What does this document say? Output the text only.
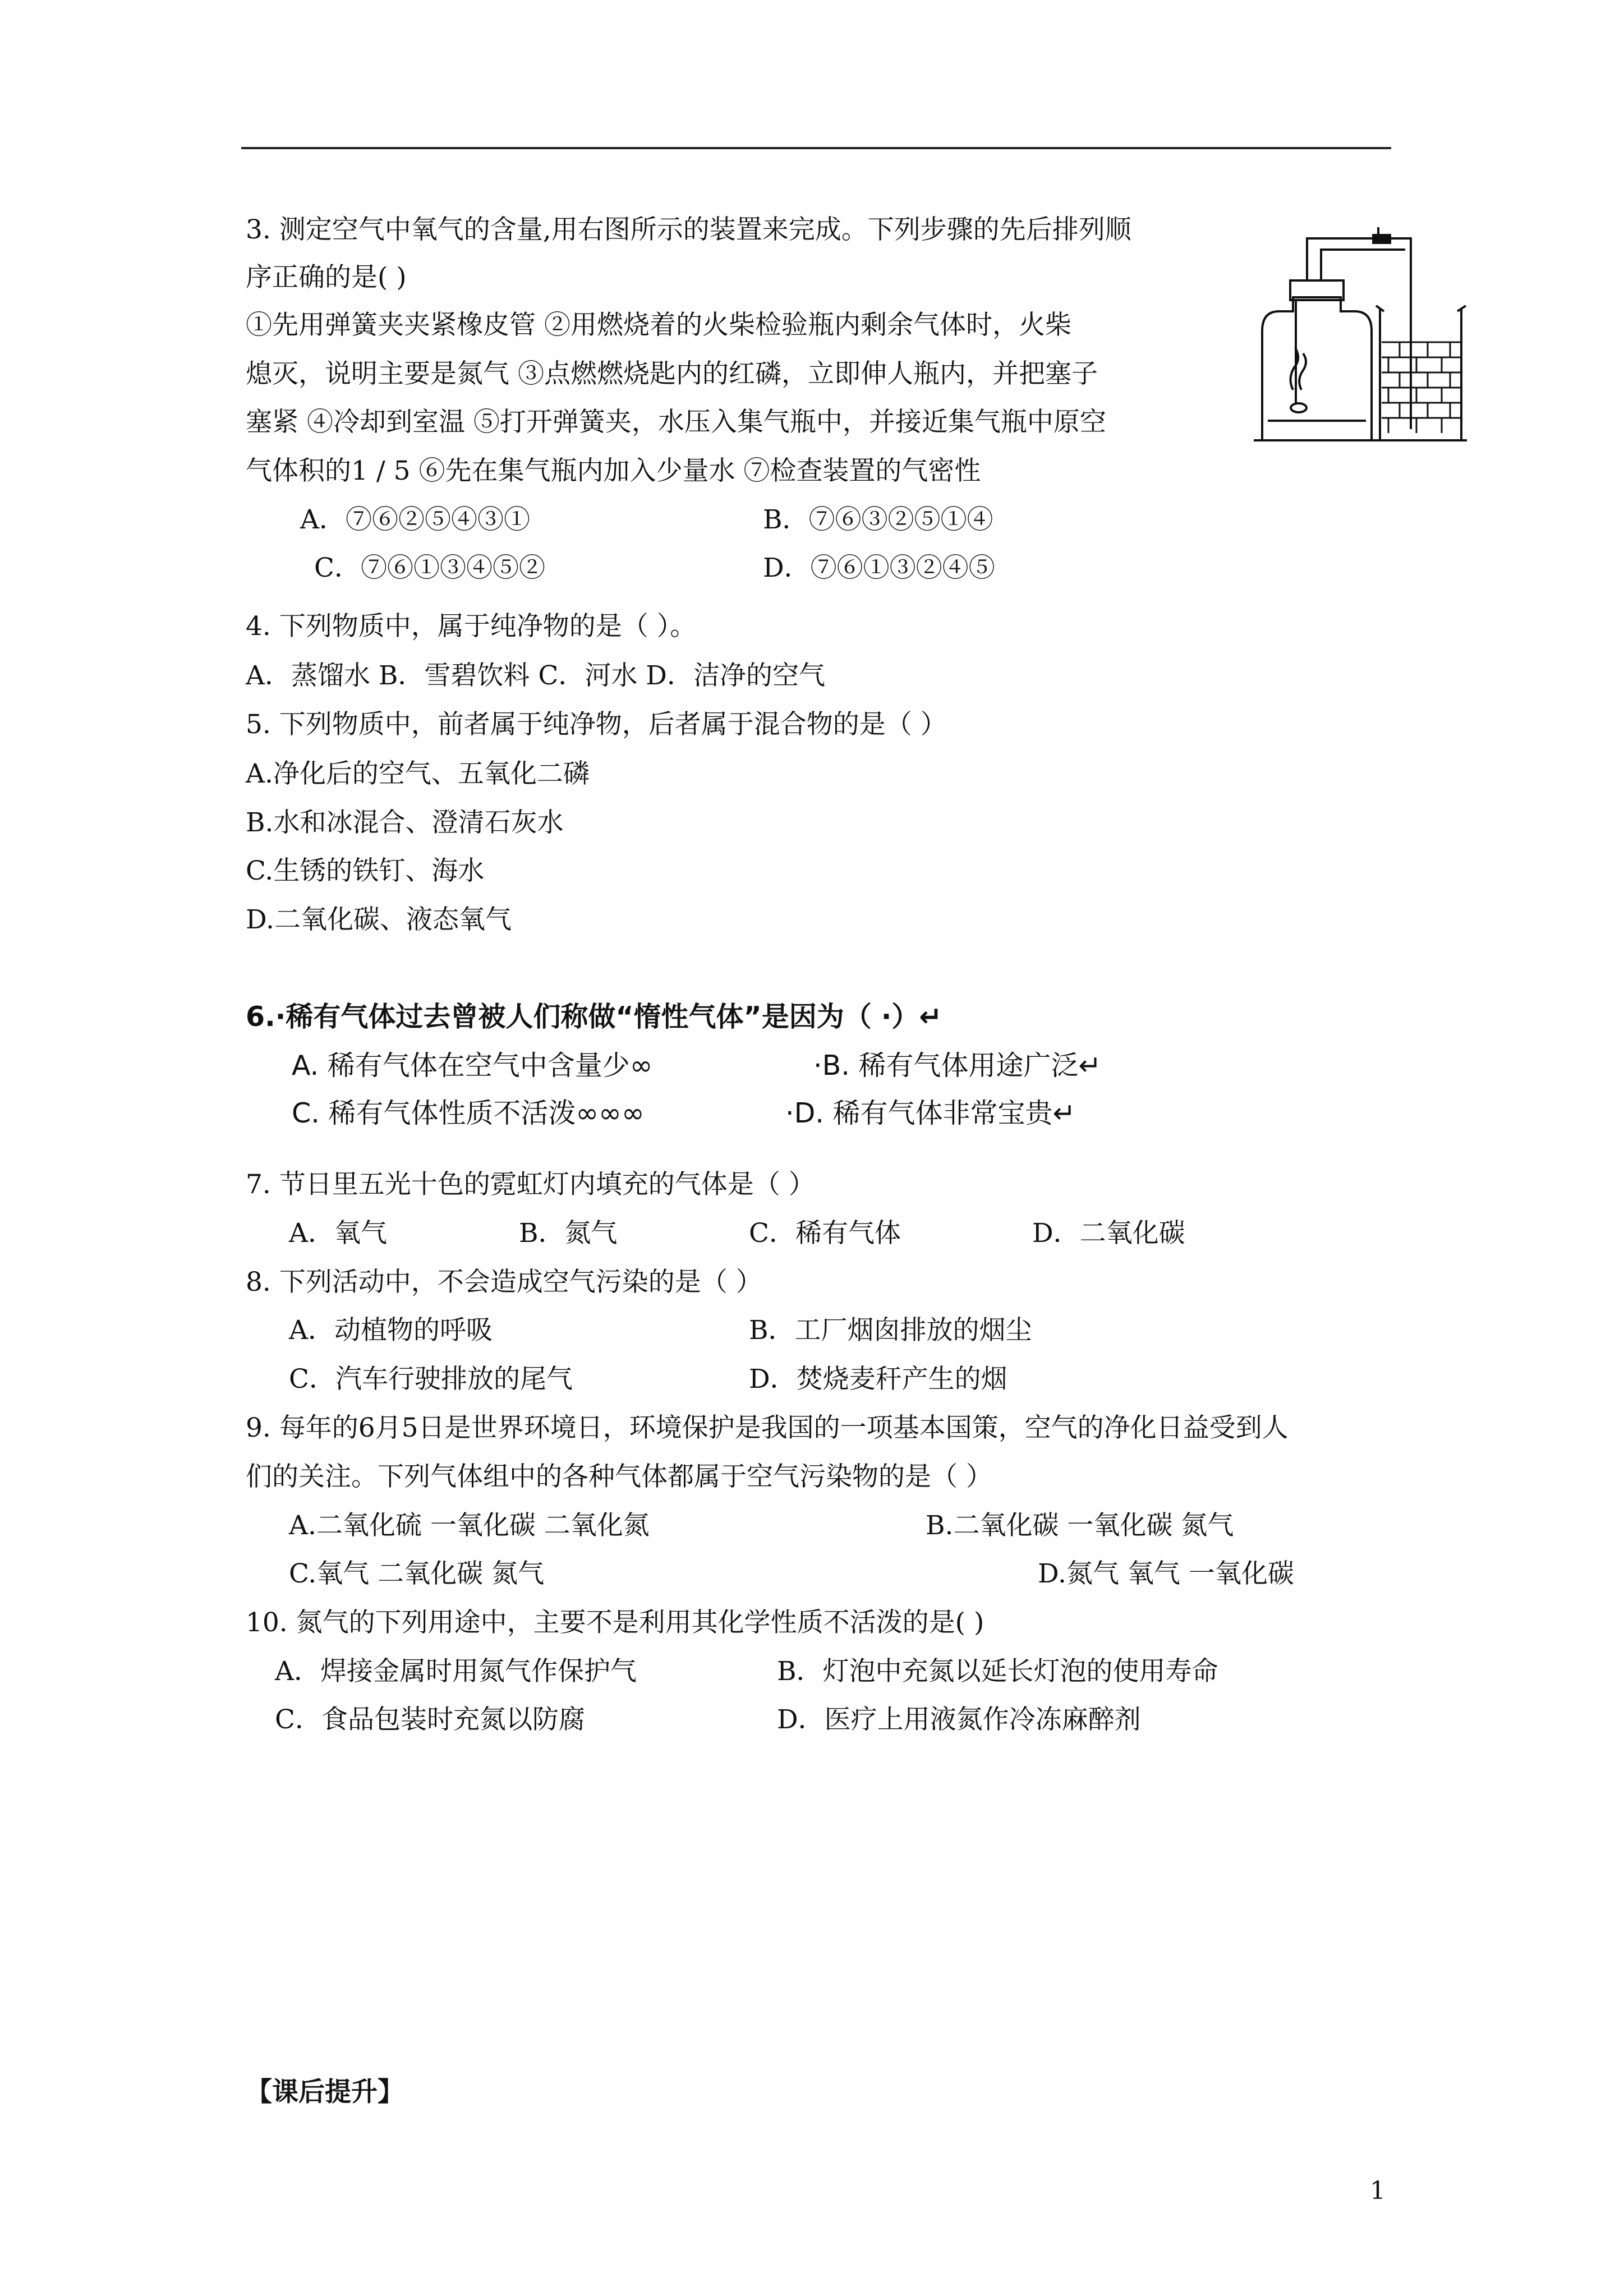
3. 测定空气中氧气的含量,用右图所示的装置来完成。下列步骤的先后排列顺
序正确的是( )
①先用弹簧夹夹紧橡皮管 ②用燃烧着的火柴检验瓶内剩余气体时，火柴
熄灭，说明主要是氮气 ③点燃燃烧匙内的红磷，立即伸人瓶内，并把塞子
塞紧 ④冷却到室温 ⑤打开弹簧夹，水压入集气瓶中，并接近集气瓶中原空
气体积的1 / 5 ⑥先在集气瓶内加入少量水 ⑦检查装置的气密性
A．⑦⑥②⑤④③①	B．⑦⑥③②⑤①④
C．⑦⑥①③④⑤②	D．⑦⑥①③②④⑤
4. 下列物质中，属于纯净物的是（ ）。
A．蒸馏水 B．雪碧饮料 C．河水 D．洁净的空气
5. 下列物质中，前者属于纯净物，后者属于混合物的是（ ）
A.净化后的空气、五氧化二磷
B.水和冰混合、澄清石灰水
C.生锈的铁钉、海水
D.二氧化碳、液态氧气
6.·稀有气体过去曾被人们称做“惰性气体”是因为（ ·）↵
A. 稀有气体在空气中含量少∞	·B. 稀有气体用途广泛↵
C. 稀有气体性质不活泼∞∞∞	·D. 稀有气体非常宝贵↵
7. 节日里五光十色的霓虹灯内填充的气体是（ ）
A．氧气	B．氮气	C．稀有气体	D．二氧化碳
8. 下列活动中，不会造成空气污染的是（ ）
A．动植物的呼吸	B．工厂烟囱排放的烟尘
C．汽车行驶排放的尾气	D．焚烧麦秆产生的烟
9. 每年的6月5日是世界环境日，环境保护是我国的一项基本国策，空气的净化日益受到人
们的关注。下列气体组中的各种气体都属于空气污染物的是（ ）
A.二氧化硫 一氧化碳 二氧化氮	B.二氧化碳 一氧化碳 氮气
C.氧气 二氧化碳 氮气	D.氮气 氧气 一氧化碳
10. 氮气的下列用途中，主要不是利用其化学性质不活泼的是( )
A．焊接金属时用氮气作保护气	B．灯泡中充氮以延长灯泡的使用寿命
C．食品包装时充氮以防腐	D．医疗上用液氮作冷冻麻醉剂
【课后提升】
1
